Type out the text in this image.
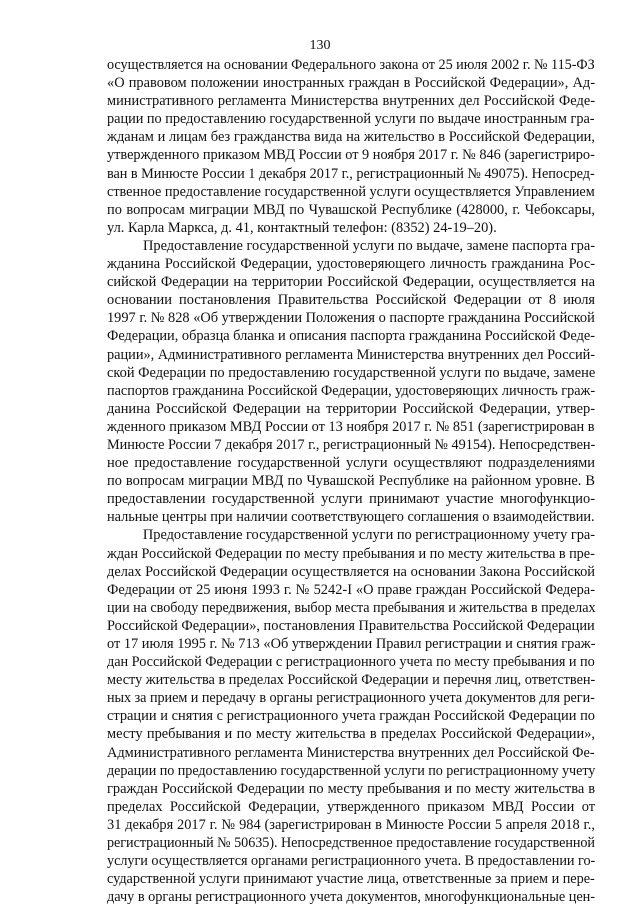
130

осуществляется на основании Федерального закона от 25 июля 2002 г. № 115-ФЗ
«О правовом положении иностранных граждан в Российской Федерации», Ад-
министративного регламента Министерства внутренних дел Российской Феде-
рации по предоставлению государственной услуги по выдаче иностранным гра-
жданам и лицам без гражданства вида на жительство в Российской Федерации,
утвержденного приказом МВД России от 9 ноября 2017 г. № 846 (зарегистриро-
ван в Минюсте России 1 декабря 2017 г., регистрационный № 49075). Непосред-
ственное предоставление государственной услуги осуществляется Управлением
по вопросам миграции МВД по Чувашской Республике (428000, г. Чебоксары,
ул. Карла Маркса, д. 41, контактный телефон: (8352) 24-19–20).

Предоставление государственной услуги по выдаче, замене паспорта гра-
жданина Российской Федерации, удостоверяющего личность гражданина Рос-
сийской Федерации на территории Российской Федерации, осуществляется на
основании постановления Правительства Российской Федерации от 8 июля
1997 г. № 828 «Об утверждении Положения о паспорте гражданина Российской
Федерации, образца бланка и описания паспорта гражданина Российской Феде-
рации», Административного регламента Министерства внутренних дел Россий-
ской Федерации по предоставлению государственной услуги по выдаче, замене
паспортов гражданина Российской Федерации, удостоверяющих личность граж-
данина Российской Федерации на территории Российской Федерации, утвер-
жденного приказом МВД России от 13 ноября 2017 г. № 851 (зарегистрирован в
Минюсте России 7 декабря 2017 г., регистрационный № 49154). Непосредствен-
ное предоставление государственной услуги осуществляют подразделениями
по вопросам миграции МВД по Чувашской Республике на районном уровне. В
предоставлении государственной услуги принимают участие многофункцио-
нальные центры при наличии соответствующего соглашения о взаимодействии.

Предоставление государственной услуги по регистрационному учету гра-
ждан Российской Федерации по месту пребывания и по месту жительства в пре-
делах Российской Федерации осуществляется на основании Закона Российской
Федерации от 25 июня 1993 г. № 5242-I «О праве граждан Российской Федера-
ции на свободу передвижения, выбор места пребывания и жительства в пределах
Российской Федерации», постановления Правительства Российской Федерации
от 17 июля 1995 г. № 713 «Об утверждении Правил регистрации и снятия граж-
дан Российской Федерации с регистрационного учета по месту пребывания и по
месту жительства в пределах Российской Федерации и перечня лиц, ответствен-
ных за прием и передачу в органы регистрационного учета документов для реги-
страции и снятия с регистрационного учета граждан Российской Федерации по
месту пребывания и по месту жительства в пределах Российской Федерации»,
Административного регламента Министерства внутренних дел Российской Фе-
дерации по предоставлению государственной услуги по регистрационному учету
граждан Российской Федерации по месту пребывания и по месту жительства в
пределах Российской Федерации, утвержденного приказом МВД России от
31 декабря 2017 г. № 984 (зарегистрирован в Минюсте России 5 апреля 2018 г.,
регистрационный № 50635). Непосредственное предоставление государственной
услуги осуществляется органами регистрационного учета. В предоставлении го-
сударственной услуги принимают участие лица, ответственные за прием и пере-
дачу в органы регистрационного учета документов, многофункциональные цен-
